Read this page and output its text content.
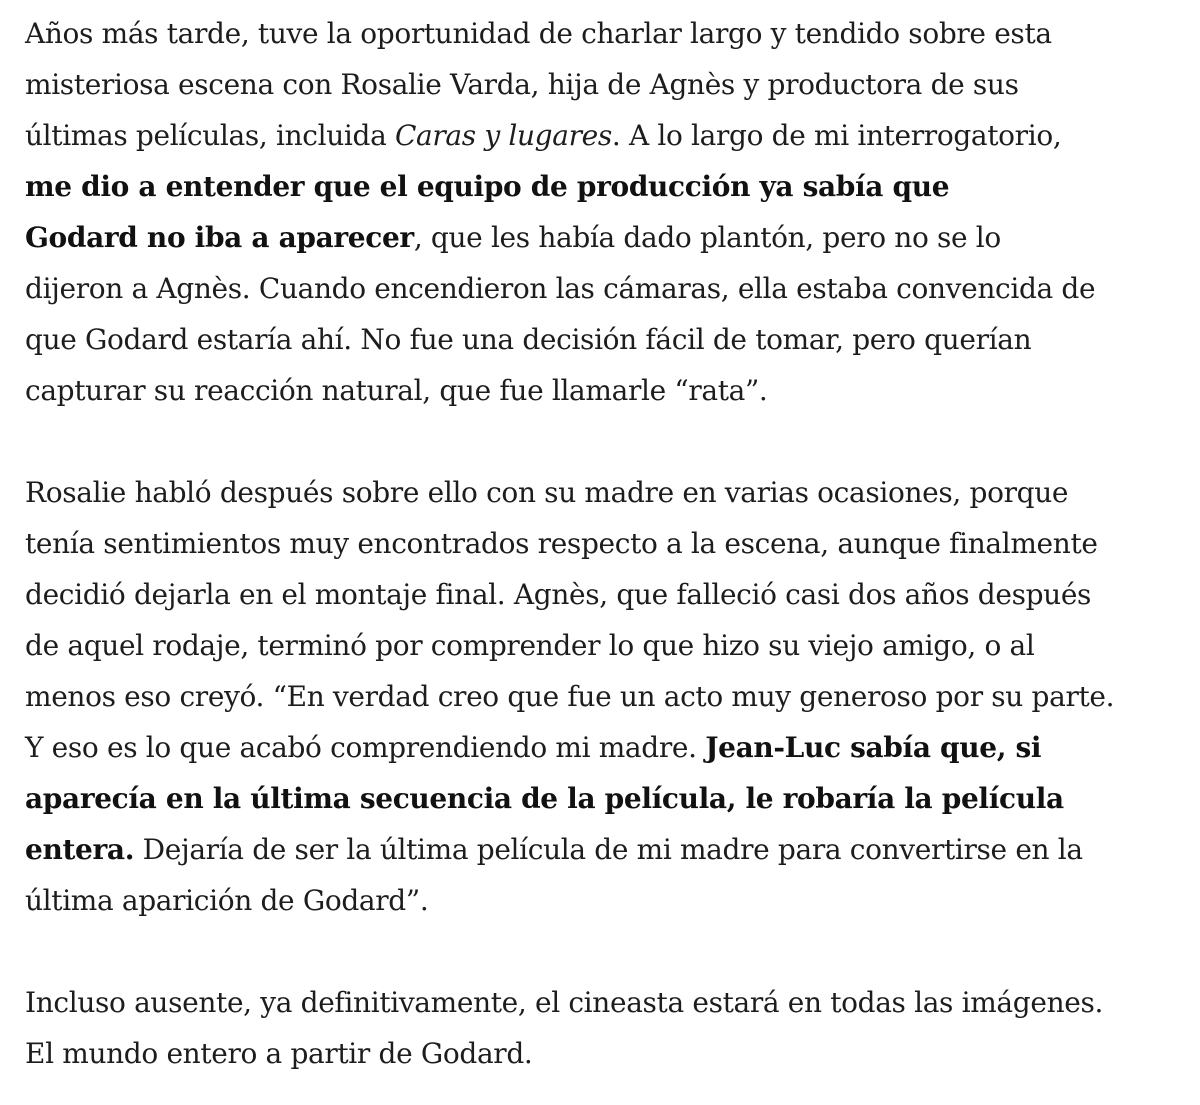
Años más tarde, tuve la oportunidad de charlar largo y tendido sobre esta
misteriosa escena con Rosalie Varda, hija de Agnès y productora de sus
últimas películas, incluida Caras y lugares. A lo largo de mi interrogatorio,
me dio a entender que el equipo de producción ya sabía que
Godard no iba a aparecer, que les había dado plantón, pero no se lo
dijeron a Agnès. Cuando encendieron las cámaras, ella estaba convencida de
que Godard estaría ahí. No fue una decisión fácil de tomar, pero querían
capturar su reacción natural, que fue llamarle “rata”.

Rosalie habló después sobre ello con su madre en varias ocasiones, porque
tenía sentimientos muy encontrados respecto a la escena, aunque finalmente
decidió dejarla en el montaje final. Agnès, que falleció casi dos años después
de aquel rodaje, terminó por comprender lo que hizo su viejo amigo, o al
menos eso creyó. “En verdad creo que fue un acto muy generoso por su parte.
Y eso es lo que acabó comprendiendo mi madre. Jean-Luc sabía que, si
aparecía en la última secuencia de la película, le robaría la película
entera. Dejaría de ser la última película de mi madre para convertirse en la
última aparición de Godard”.

Incluso ausente, ya definitivamente, el cineasta estará en todas las imágenes.
El mundo entero a partir de Godard.
